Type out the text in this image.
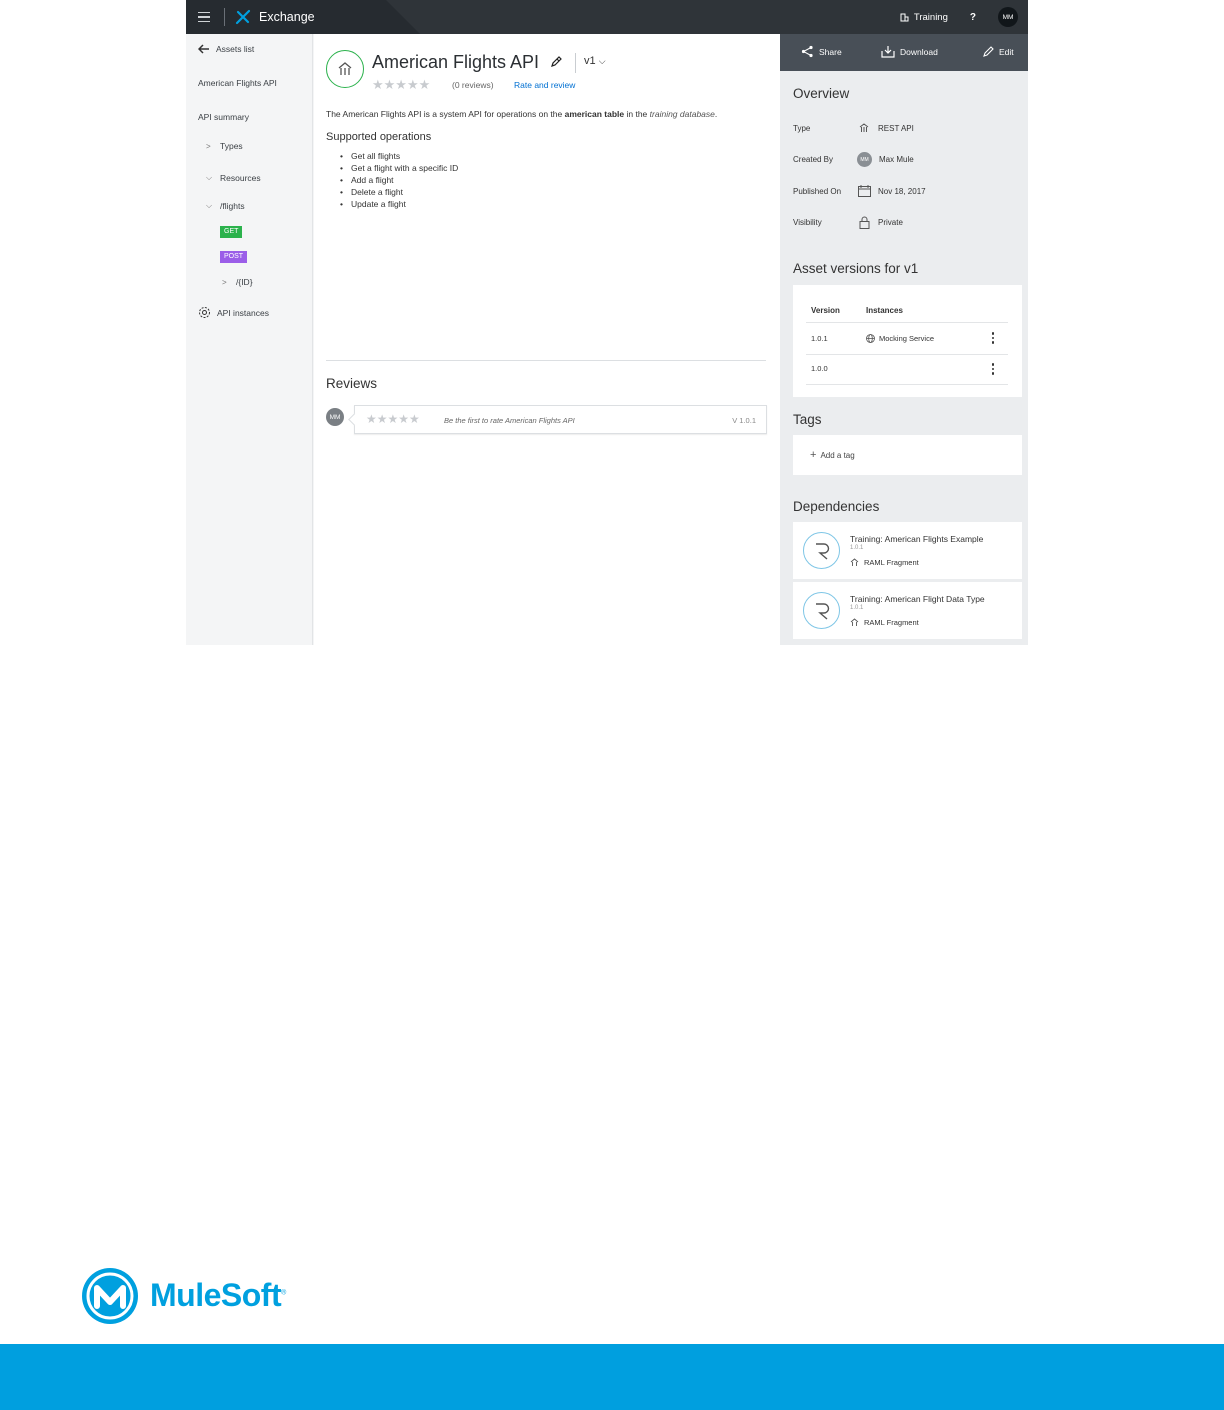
Exchange	Training ?	MM
Assets list
American Flights API
API summary
>	Types
⌵ Resources
⌵ /flights
GET
POST
>	/{ID}
API instances
American Flights API	v1 ⌵
★★★★★	(0 reviews) Rate and review

The American Flights API is a system API for operations on the american table in the training database.

Supported operations
• Get all flights
• Get a flight with a specific ID
• Add a flight
• Delete a flight
• Update a flight
Reviews
MM ★★★★★	Be the first to rate American Flights API	V 1.0.1
Share	Download	Edit
Overview
Type	REST API
Created By	MM	Max Mule
Published On	Nov 18, 2017
Visibility	Private
Asset versions for v1
Version	Instances
1.0.1	Mocking Service
1.0.0
Tags
+ Add a tag
Dependencies
Training: American Flights Example
1.0.1
RAML Fragment
Training: American Flight Data Type
1.0.1
RAML Fragment
MuleSoft®
